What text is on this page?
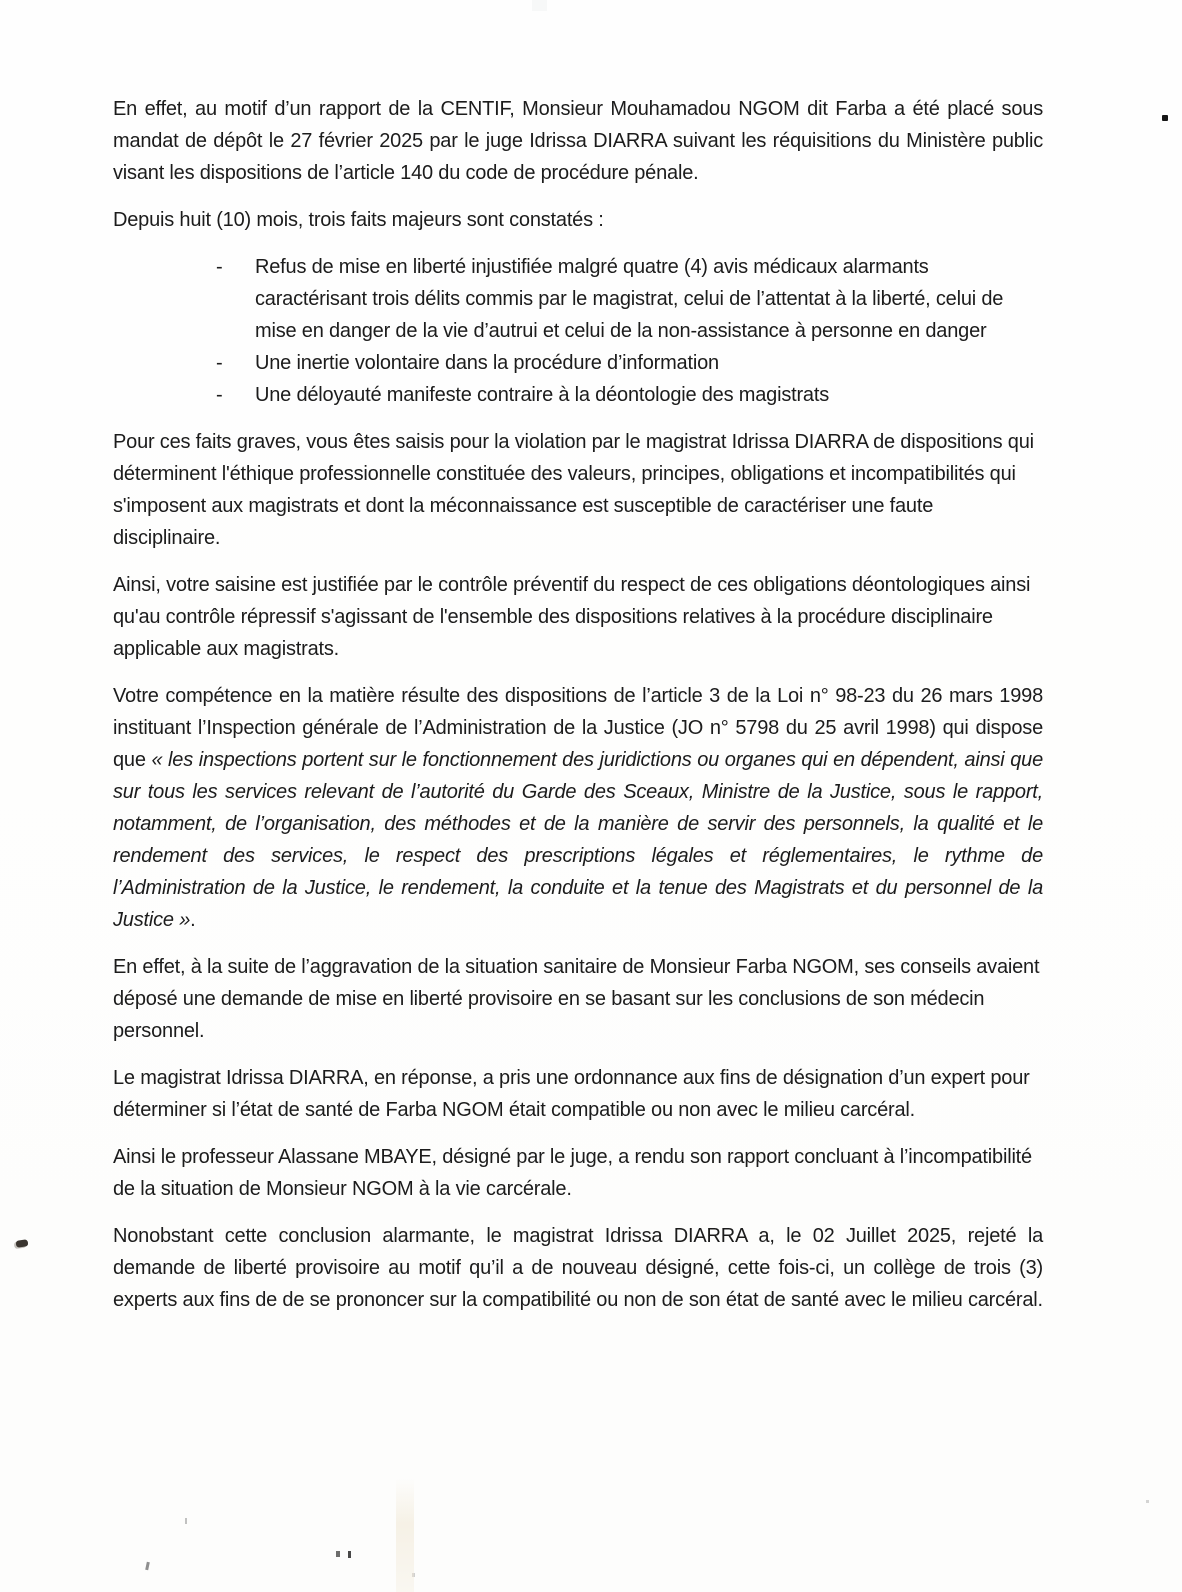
En effet, au motif d’un rapport de la CENTIF, Monsieur Mouhamadou NGOM dit Farba a été placé sous mandat de dépôt le 27 février 2025 par le juge Idrissa DIARRA suivant les réquisitions du Ministère public visant les dispositions de l’article 140 du code de procédure pénale.

Depuis huit (10) mois, trois faits majeurs sont constatés :

-	Refus de mise en liberté injustifiée malgré quatre (4) avis médicaux alarmants caractérisant trois délits commis par le magistrat, celui de l’attentat à la liberté, celui de mise en danger de la vie d’autrui et celui de la non-assistance à personne en danger
-	Une inertie volontaire dans la procédure d’information
-	Une déloyauté manifeste contraire à la déontologie des magistrats

Pour ces faits graves, vous êtes saisis pour la violation par le magistrat Idrissa DIARRA de dispositions qui déterminent l'éthique professionnelle constituée des valeurs, principes, obligations et incompatibilités qui s'imposent aux magistrats et dont la méconnaissance est susceptible de caractériser une faute disciplinaire.

Ainsi, votre saisine est justifiée par le contrôle préventif du respect de ces obligations déontologiques ainsi qu'au contrôle répressif s'agissant de l'ensemble des dispositions relatives à la procédure disciplinaire applicable aux magistrats.

Votre compétence en la matière résulte des dispositions de l’article 3 de la Loi n° 98-23 du 26 mars 1998 instituant l’Inspection générale de l’Administration de la Justice (JO n° 5798 du 25 avril 1998) qui dispose que « les inspections portent sur le fonctionnement des juridictions ou organes qui en dépendent, ainsi que sur tous les services relevant de l’autorité du Garde des Sceaux, Ministre de la Justice, sous le rapport, notamment, de l’organisation, des méthodes et de la manière de servir des personnels, la qualité et le rendement des services, le respect des prescriptions légales et réglementaires, le rythme de l’Administration de la Justice, le rendement, la conduite et la tenue des Magistrats et du personnel de la Justice ».

En effet, à la suite de l’aggravation de la situation sanitaire de Monsieur Farba NGOM, ses conseils avaient déposé une demande de mise en liberté provisoire en se basant sur les conclusions de son médecin personnel.

Le magistrat Idrissa DIARRA, en réponse, a pris une ordonnance aux fins de désignation d’un expert pour déterminer si l’état de santé de Farba NGOM était compatible ou non avec le milieu carcéral.

Ainsi le professeur Alassane MBAYE, désigné par le juge, a rendu son rapport concluant à l’incompatibilité de la situation de Monsieur NGOM à la vie carcérale.

Nonobstant cette conclusion alarmante, le magistrat Idrissa DIARRA a, le 02 Juillet 2025, rejeté la demande de liberté provisoire au motif qu’il a de nouveau désigné, cette fois-ci, un collège de trois (3) experts aux fins de de se prononcer sur la compatibilité ou non de son état de santé avec le milieu carcéral.
